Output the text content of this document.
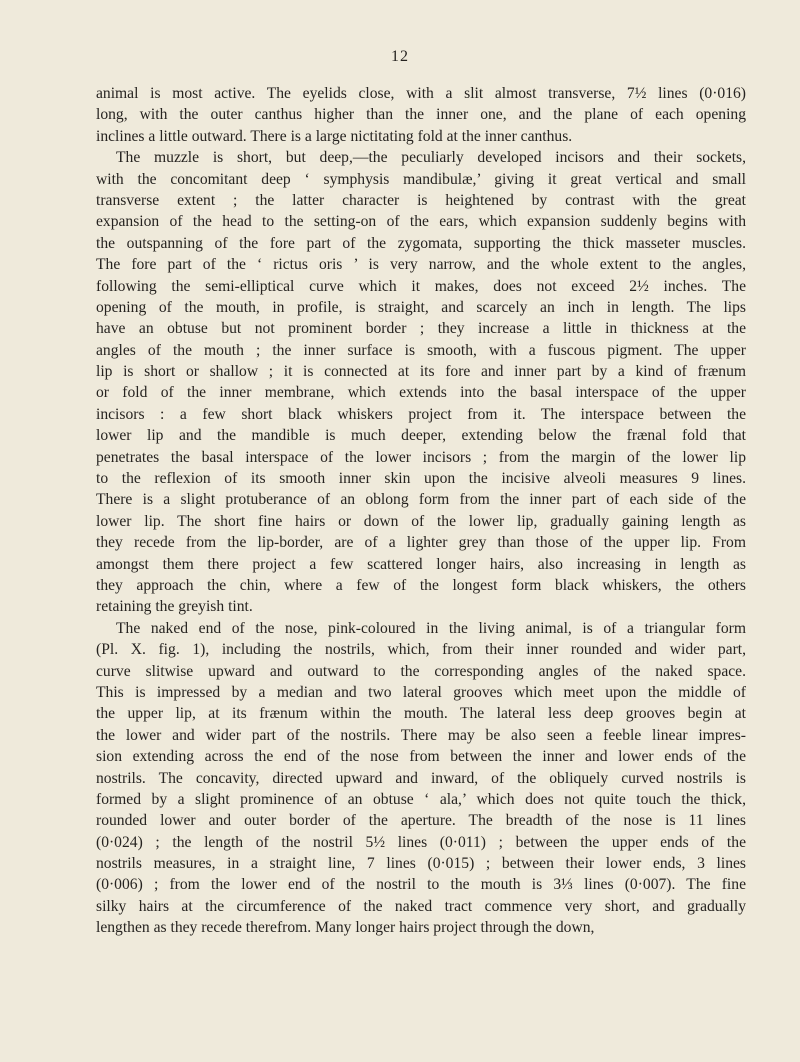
12
animal is most active. The eyelids close, with a slit almost transverse, 7½ lines (0·016)
long, with the outer canthus higher than the inner one, and the plane of each opening
inclines a little outward. There is a large nictitating fold at the inner canthus.
The muzzle is short, but deep,—the peculiarly developed incisors and their sockets,
with the concomitant deep ‘ symphysis mandibulæ,’ giving it great vertical and small
transverse extent ; the latter character is heightened by contrast with the great
expansion of the head to the setting-on of the ears, which expansion suddenly begins with
the outspanning of the fore part of the zygomata, supporting the thick masseter muscles.
The fore part of the ‘ rictus oris ’ is very narrow, and the whole extent to the angles,
following the semi-elliptical curve which it makes, does not exceed 2½ inches. The
opening of the mouth, in profile, is straight, and scarcely an inch in length. The lips
have an obtuse but not prominent border ; they increase a little in thickness at the
angles of the mouth ; the inner surface is smooth, with a fuscous pigment. The upper
lip is short or shallow ; it is connected at its fore and inner part by a kind of frænum
or fold of the inner membrane, which extends into the basal interspace of the upper
incisors : a few short black whiskers project from it. The interspace between the
lower lip and the mandible is much deeper, extending below the frænal fold that
penetrates the basal interspace of the lower incisors ; from the margin of the lower lip
to the reflexion of its smooth inner skin upon the incisive alveoli measures 9 lines.
There is a slight protuberance of an oblong form from the inner part of each side of the
lower lip. The short fine hairs or down of the lower lip, gradually gaining length as
they recede from the lip-border, are of a lighter grey than those of the upper lip. From
amongst them there project a few scattered longer hairs, also increasing in length as
they approach the chin, where a few of the longest form black whiskers, the others
retaining the greyish tint.
The naked end of the nose, pink-coloured in the living animal, is of a triangular form
(Pl. X. fig. 1), including the nostrils, which, from their inner rounded and wider part,
curve slitwise upward and outward to the corresponding angles of the naked space.
This is impressed by a median and two lateral grooves which meet upon the middle of
the upper lip, at its frænum within the mouth. The lateral less deep grooves begin at
the lower and wider part of the nostrils. There may be also seen a feeble linear impres-
sion extending across the end of the nose from between the inner and lower ends of the
nostrils. The concavity, directed upward and inward, of the obliquely curved nostrils is
formed by a slight prominence of an obtuse ‘ ala,’ which does not quite touch the thick,
rounded lower and outer border of the aperture. The breadth of the nose is 11 lines
(0·024) ; the length of the nostril 5½ lines (0·011) ; between the upper ends of the
nostrils measures, in a straight line, 7 lines (0·015) ; between their lower ends, 3 lines
(0·006) ; from the lower end of the nostril to the mouth is 3⅓ lines (0·007). The fine
silky hairs at the circumference of the naked tract commence very short, and gradually
lengthen as they recede therefrom. Many longer hairs project through the down,
